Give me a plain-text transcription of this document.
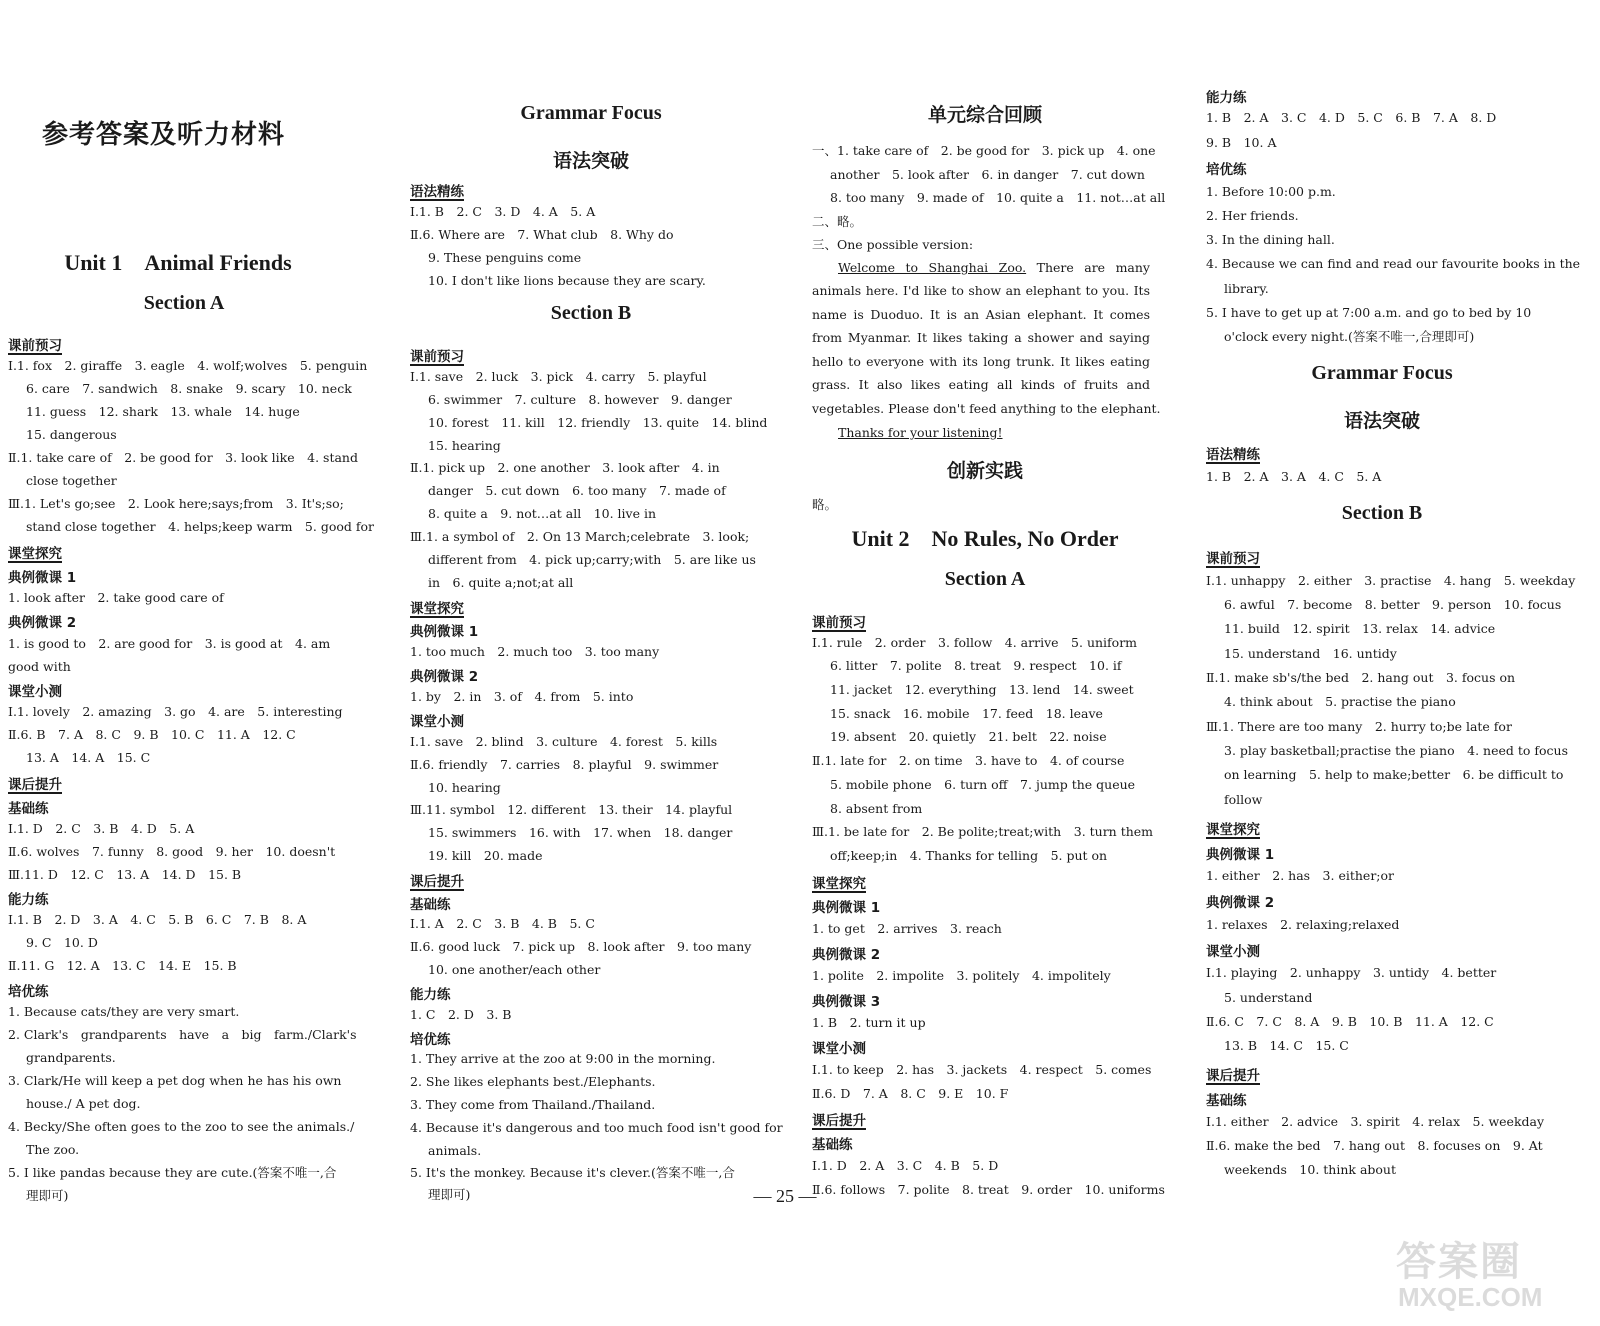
参考答案及听力材料
Unit 1　Animal Friends
Section A
课前预习
Ⅰ.1. fox　2. giraffe　3. eagle　4. wolf;wolves　5. penguin
6. care　7. sandwich　8. snake　9. scary　10. neck
11. guess　12. shark　13. whale　14. huge
15. dangerous
Ⅱ.1. take care of　2. be good for　3. look like　4. stand
close together
Ⅲ.1. Let's go;see　2. Look here;says;from　3. It's;so;
stand close together　4. helps;keep warm　5. good for
课堂探究
典例微课 1
1. look after　2. take good care of
典例微课 2
1. is good to　2. are good for　3. is good at　4. am
good with
课堂小测
Ⅰ.1. lovely　2. amazing　3. go　4. are　5. interesting
Ⅱ.6. B　7. A　8. C　9. B　10. C　11. A　12. C
13. A　14. A　15. C
课后提升
基础练
Ⅰ.1. D　2. C　3. B　4. D　5. A
Ⅱ.6. wolves　7. funny　8. good　9. her　10. doesn't
Ⅲ.11. D　12. C　13. A　14. D　15. B
能力练
Ⅰ.1. B　2. D　3. A　4. C　5. B　6. C　7. B　8. A
9. C　10. D
Ⅱ.11. G　12. A　13. C　14. E　15. B
培优练
1. Because cats/they are very smart.
2. Clark's　grandparents　have　a　big　farm./Clark's
grandparents.
3. Clark/He will keep a pet dog when he has his own
house./ A pet dog.
4. Becky/She often goes to the zoo to see the animals./
The zoo.
5. I like pandas because they are cute.(答案不唯一,合
理即可)
Grammar Focus
语法突破
语法精练
Ⅰ.1. B　2. C　3. D　4. A　5. A
Ⅱ.6. Where are　7. What club　8. Why do
9. These penguins come
10. I don't like lions because they are scary.
Section B
课前预习
Ⅰ.1. save　2. luck　3. pick　4. carry　5. playful
6. swimmer　7. culture　8. however　9. danger
10. forest　11. kill　12. friendly　13. quite　14. blind
15. hearing
Ⅱ.1. pick up　2. one another　3. look after　4. in
danger　5. cut down　6. too many　7. made of
8. quite a　9. not…at all　10. live in
Ⅲ.1. a symbol of　2. On 13 March;celebrate　3. look;
different from　4. pick up;carry;with　5. are like us
in　6. quite a;not;at all
课堂探究
典例微课 1
1. too much　2. much too　3. too many
典例微课 2
1. by　2. in　3. of　4. from　5. into
课堂小测
Ⅰ.1. save　2. blind　3. culture　4. forest　5. kills
Ⅱ.6. friendly　7. carries　8. playful　9. swimmer
10. hearing
Ⅲ.11. symbol　12. different　13. their　14. playful
15. swimmers　16. with　17. when　18. danger
19. kill　20. made
课后提升
基础练
Ⅰ.1. A　2. C　3. B　4. B　5. C
Ⅱ.6. good luck　7. pick up　8. look after　9. too many
10. one another/each other
能力练
1. C　2. D　3. B
培优练
1. They arrive at the zoo at 9:00 in the morning.
2. She likes elephants best./Elephants.
3. They come from Thailand./Thailand.
4. Because it's dangerous and too much food isn't good for
animals.
5. It's the monkey. Because it's clever.(答案不唯一,合
理即可)
单元综合回顾
一、1. take care of　2. be good for　3. pick up　4. one
another　5. look after　6. in danger　7. cut down
8. too many　9. made of　10. quite a　11. not…at all
二、略。
三、One possible version:
Welcome to Shanghai Zoo. There are many
animals here. I'd like to show an elephant to you. Its
name is Duoduo. It is an Asian elephant. It comes
from Myanmar. It likes taking a shower and saying
hello to everyone with its long trunk. It likes eating
grass. It also likes eating all kinds of fruits and
vegetables. Please don't feed anything to the elephant.
Thanks for your listening!
创新实践
略。
Unit 2　No Rules, No Order
Section A
课前预习
Ⅰ.1. rule　2. order　3. follow　4. arrive　5. uniform
6. litter　7. polite　8. treat　9. respect　10. if
11. jacket　12. everything　13. lend　14. sweet
15. snack　16. mobile　17. feed　18. leave
19. absent　20. quietly　21. belt　22. noise
Ⅱ.1. late for　2. on time　3. have to　4. of course
5. mobile phone　6. turn off　7. jump the queue
8. absent from
Ⅲ.1. be late for　2. Be polite;treat;with　3. turn them
off;keep;in　4. Thanks for telling　5. put on
课堂探究
典例微课 1
1. to get　2. arrives　3. reach
典例微课 2
1. polite　2. impolite　3. politely　4. impolitely
典例微课 3
1. B　2. turn it up
课堂小测
Ⅰ.1. to keep　2. has　3. jackets　4. respect　5. comes
Ⅱ.6. D　7. A　8. C　9. E　10. F
课后提升
基础练
Ⅰ.1. D　2. A　3. C　4. B　5. D
Ⅱ.6. follows　7. polite　8. treat　9. order　10. uniforms
能力练
1. B　2. A　3. C　4. D　5. C　6. B　7. A　8. D
9. B　10. A
培优练
1. Before 10:00 p.m.
2. Her friends.
3. In the dining hall.
4. Because we can find and read our favourite books in the
library.
5. I have to get up at 7:00 a.m. and go to bed by 10
o'clock every night.(答案不唯一,合理即可)
Grammar Focus
语法突破
语法精练
1. B　2. A　3. A　4. C　5. A
Section B
课前预习
Ⅰ.1. unhappy　2. either　3. practise　4. hang　5. weekday
6. awful　7. become　8. better　9. person　10. focus
11. build　12. spirit　13. relax　14. advice
15. understand　16. untidy
Ⅱ.1. make sb's/the bed　2. hang out　3. focus on
4. think about　5. practise the piano
Ⅲ.1. There are too many　2. hurry to;be late for
3. play basketball;practise the piano　4. need to focus
on learning　5. help to make;better　6. be difficult to
follow
课堂探究
典例微课 1
1. either　2. has　3. either;or
典例微课 2
1. relaxes　2. relaxing;relaxed
课堂小测
Ⅰ.1. playing　2. unhappy　3. untidy　4. better
5. understand
Ⅱ.6. C　7. C　8. A　9. B　10. B　11. A　12. C
13. B　14. C　15. C
课后提升
基础练
Ⅰ.1. either　2. advice　3. spirit　4. relax　5. weekday
Ⅱ.6. make the bed　7. hang out　8. focuses on　9. At
weekends　10. think about
— 25 —
答案圈
MXQE.COM
